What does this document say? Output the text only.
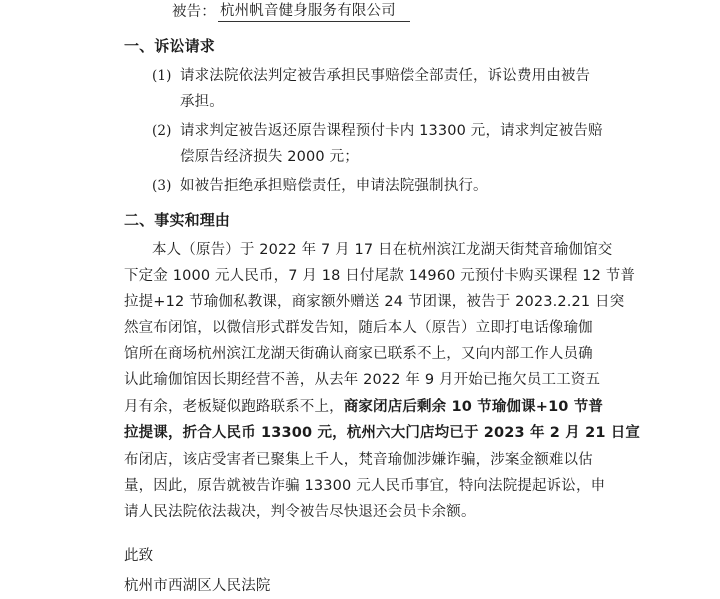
被告： 杭州帆音健身服务有限公司
一、诉讼请求
(1) 请求法院依法判定被告承担民事赔偿全部责任，诉讼费用由被告
承担。
(2) 请求判定被告返还原告课程预付卡内 13300 元，请求判定被告赔
偿原告经济损失 2000 元；
(3) 如被告拒绝承担赔偿责任，申请法院强制执行。
二、事实和理由
本人（原告）于 2022 年 7 月 17 日在杭州滨江龙湖天街梵音瑜伽馆交
下定金 1000 元人民币，7 月 18 日付尾款 14960 元预付卡购买课程 12 节普
拉提+12 节瑜伽私教课，商家额外赠送 24 节团课，被告于 2023.2.21 日突
然宣布闭馆，以微信形式群发告知，随后本人（原告）立即打电话像瑜伽
馆所在商场杭州滨江龙湖天街确认商家已联系不上，又向内部工作人员确
认此瑜伽馆因长期经营不善，从去年 2022 年 9 月开始已拖欠员工工资五
月有余，老板疑似跑路联系不上，商家闭店后剩余 10 节瑜伽课+10 节普
拉提课，折合人民币 13300 元，杭州六大门店均已于 2023 年 2 月 21 日宣
布闭店，该店受害者已聚集上千人，梵音瑜伽涉嫌诈骗，涉案金额难以估
量，因此，原告就被告诈骗 13300 元人民币事宜，特向法院提起诉讼，申
请人民法院依法裁决，判令被告尽快退还会员卡余额。
此致
杭州市西湖区人民法院
